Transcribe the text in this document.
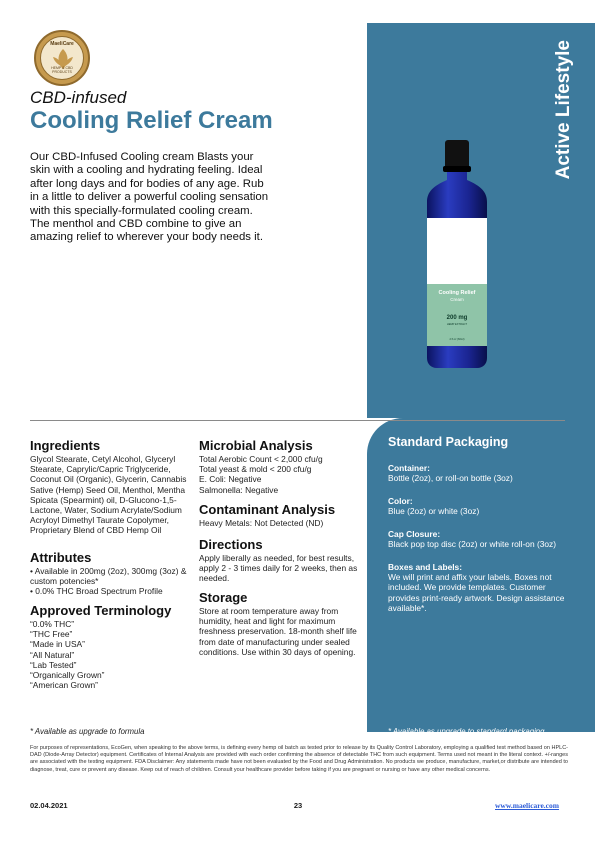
Active Lifestyle
MaeliCare
HEMP & CBD PRODUCTS
CBD-infused
Cooling Relief Cream
Our CBD-Infused Cooling cream Blasts your skin with a cooling and hydrating feeling. Ideal after long days and for bodies of any age. Rub in a little to deliver a powerful cooling sensation with this specially-formulated cooling cream. The menthol and CBD combine to give an amazing relief to wherever your body needs it.
Cooling Relief
Cream
200 mg
HEMP EXTRACT
2 fl oz (60ml)
Ingredients

Glycol Stearate, Cetyl Alcohol, Glyceryl Stearate, Caprylic/Capric Triglyceride, Coconut Oil (Organic), Glycerin, Cannabis Sative (Hemp) Seed Oil, Menthol, Mentha Spicata (Spearmint) oil, D-Glucono-1,5-Lactone, Water, Sodium Acrylate/Sodium Acryloyl Dimethyl Taurate Copolymer, Proprietary Blend of CBD Hemp Oil

Attributes
• Available in 200mg (2oz), 300mg (3oz) & custom potencies*
• 0.0% THC Broad Spectrum Profile
Approved Terminology
“0.0% THC”
“THC Free”
“Made in USA”
“All Natural”
“Lab Tested”
“Organically Grown”
“American Grown”
Microbial Analysis
Total Aerobic Count < 2,000 cfu/g
Total yeast & mold < 200 cfu/g
E. Coli: Negative
Salmonella: Negative
Contaminant Analysis

Heavy Metals: Not Detected (ND)

Directions

Apply liberally as needed, for best results, apply 2 - 3 times daily for 2 weeks, then as needed.

Storage

Store at room temperature away from humidity, heat and light for maximum freshness preservation. 18-month shelf life from date of manufacturing under sealed conditions. Use within 30 days of opening.

Standard Packaging
Container:
Bottle (2oz), or roll-on bottle (3oz)
Color:
Blue (2oz) or white (3oz)
Cap Closure:
Black pop top disc (2oz) or white roll-on (3oz)
Boxes and Labels:
We will print and affix your labels. Boxes not included. We provide templates. Customer provides print-ready artwork. Design assistance available*.
* Available as upgrade to formula	* Available as upgrade to standard packaging
For purposes of representations, EcoGen, when speaking to the above terms, is defining every hemp oil batch as tested prior to release by its Quality Control Laboratory, employing a qualified test method based on HPLC-DAD (Diode-Array Detector) equipment. Certificates of Internal Analysis are provided with each order confirming the absence of detectable THC from such equipment. Terms used not meant in the literal context. +/-ranges are associated with the testing equipment. FDA Disclaimer: Any statements made have not been evaluated by the Food and Drug Administration. No products we produce, manufacture, market,or distribute are intended to diagnose, treat, cure or prevent any disease. Keep out of reach of children. Consult your healthcare provider before taking if you are pregnant or nursing or have any other medical concerns.
02.04.2021	23	www.maelicare.com
